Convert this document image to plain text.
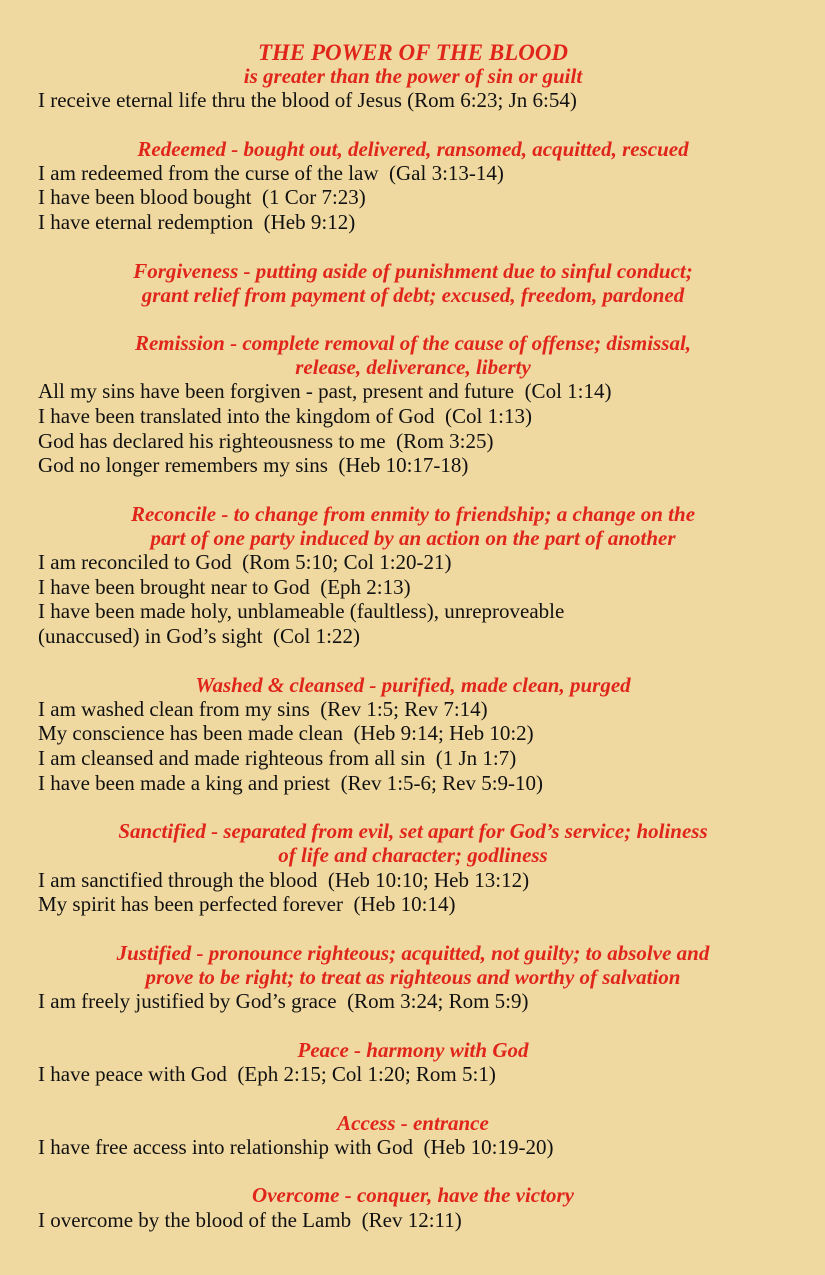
THE POWER OF THE BLOOD

is greater than the power of sin or guilt

I receive eternal life thru the blood of Jesus (Rom 6:23; Jn 6:54)

Redeemed - bought out, delivered, ransomed, acquitted, rescued

I am redeemed from the curse of the law  (Gal 3:13-14)

I have been blood bought  (1 Cor 7:23)

I have eternal redemption  (Heb 9:12)

Forgiveness - putting aside of punishment due to sinful conduct;

grant relief from payment of debt; excused, freedom, pardoned

Remission - complete removal of the cause of offense; dismissal,

release, deliverance, liberty

All my sins have been forgiven - past, present and future  (Col 1:14)

I have been translated into the kingdom of God  (Col 1:13)

God has declared his righteousness to me  (Rom 3:25)

God no longer remembers my sins  (Heb 10:17-18)

Reconcile - to change from enmity to friendship; a change on the

part of one party induced by an action on the part of another

I am reconciled to God  (Rom 5:10; Col 1:20-21)

I have been brought near to God  (Eph 2:13)

I have been made holy, unblameable (faultless), unreproveable

(unaccused) in God’s sight  (Col 1:22)

Washed & cleansed - purified, made clean, purged

I am washed clean from my sins  (Rev 1:5; Rev 7:14)

My conscience has been made clean  (Heb 9:14; Heb 10:2)

I am cleansed and made righteous from all sin  (1 Jn 1:7)

I have been made a king and priest  (Rev 1:5-6; Rev 5:9-10)

Sanctified - separated from evil, set apart for God’s service; holiness

of life and character; godliness

I am sanctified through the blood  (Heb 10:10; Heb 13:12)

My spirit has been perfected forever  (Heb 10:14)

Justified - pronounce righteous; acquitted, not guilty; to absolve and

prove to be right; to treat as righteous and worthy of salvation

I am freely justified by God’s grace  (Rom 3:24; Rom 5:9)

Peace - harmony with God

I have peace with God  (Eph 2:15; Col 1:20; Rom 5:1)

Access - entrance

I have free access into relationship with God  (Heb 10:19-20)

Overcome - conquer, have the victory

I overcome by the blood of the Lamb  (Rev 12:11)
